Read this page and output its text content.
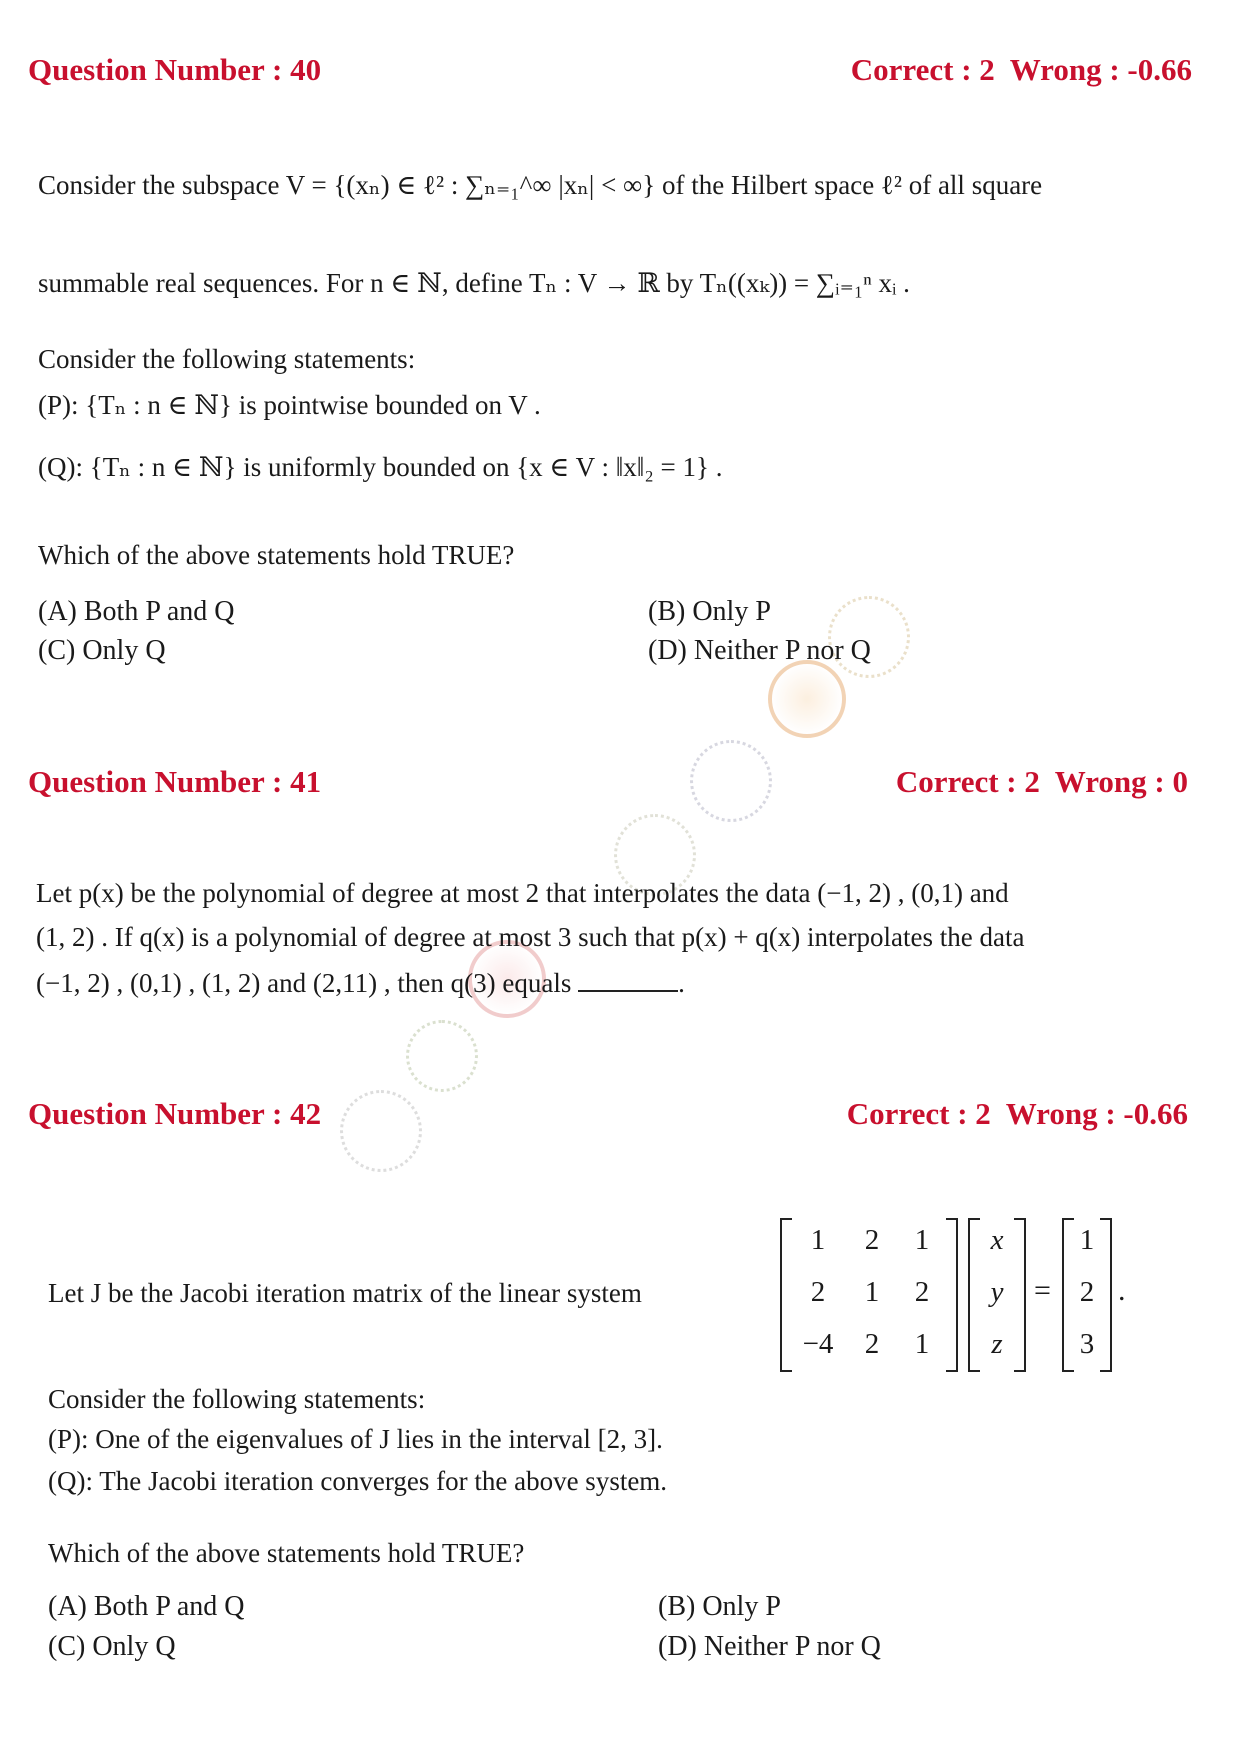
Question Number : 40	Correct : 2  Wrong : -0.66
Consider the subspace V = {(xₙ) ∈ ℓ² : ∑ₙ₌₁^∞ |xₙ| < ∞} of the Hilbert space ℓ² of all square
summable real sequences. For n ∈ ℕ, define Tₙ : V → ℝ by Tₙ((xₖ)) = ∑ᵢ₌₁ⁿ xᵢ .
Consider the following statements:
(P): {Tₙ : n ∈ ℕ} is pointwise bounded on V .
(Q): {Tₙ : n ∈ ℕ} is uniformly bounded on {x ∈ V : ‖x‖₂ = 1} .
Which of the above statements hold TRUE?
(A) Both P and Q	(B) Only P
(C) Only Q	(D) Neither P nor Q
Question Number : 41	Correct : 2  Wrong : 0
Let p(x) be the polynomial of degree at most 2 that interpolates the data (−1, 2) , (0,1) and
(1, 2) . If q(x) is a polynomial of degree at most 3 such that p(x) + q(x) interpolates the data
(−1, 2) , (0,1) , (1, 2) and (2,11) , then q(3) equals	.
Question Number : 42	Correct : 2  Wrong : -0.66
Let J be the Jacobi iteration matrix of the linear system
1	2	1
2	1	2
−4	2	1
x
y
z
1
2
3
= .
Consider the following statements:
(P): One of the eigenvalues of J lies in the interval [2, 3].
(Q): The Jacobi iteration converges for the above system.
Which of the above statements hold TRUE?
(A) Both P and Q	(B) Only P
(C) Only Q	(D) Neither P nor Q
